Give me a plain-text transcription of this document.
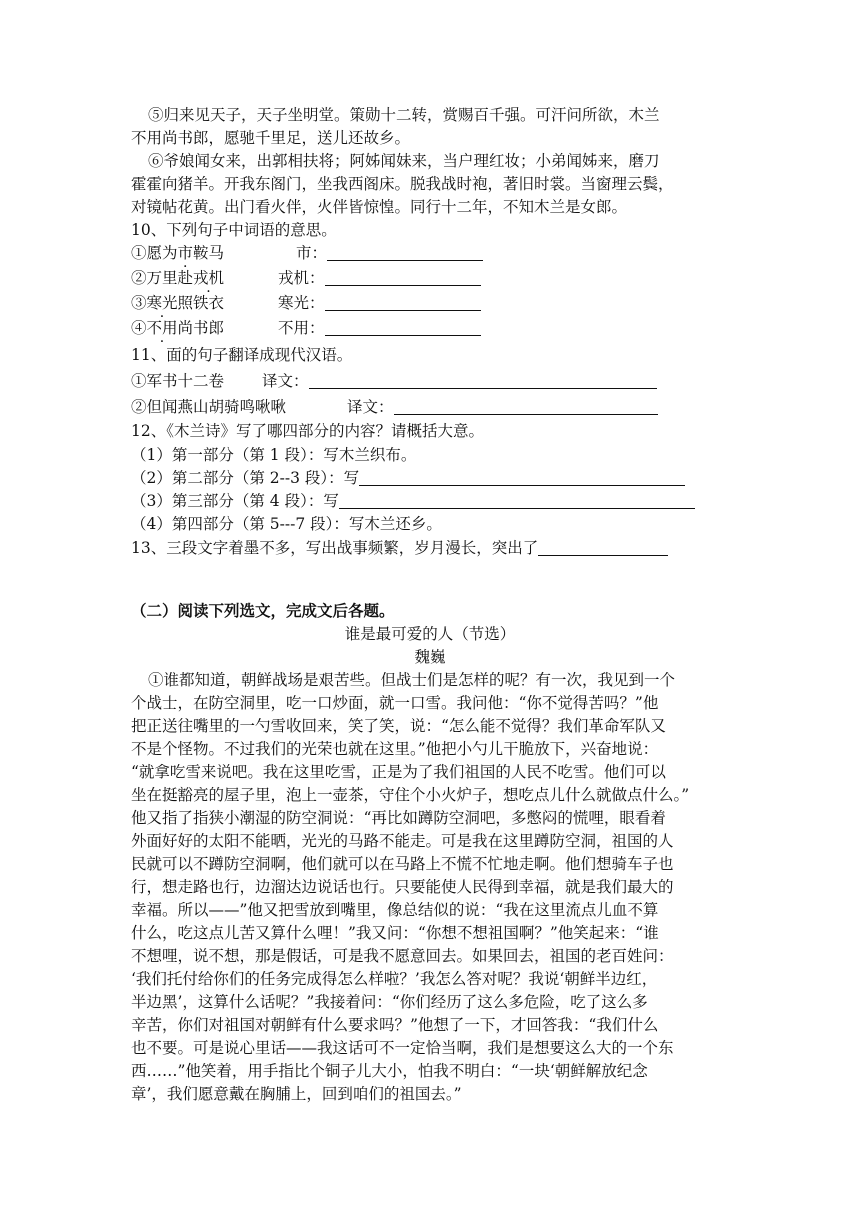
⑤归来见天子，天子坐明堂。策勋十二转，赏赐百千强。可汗问所欲，木兰
不用尚书郎，愿驰千里足，送儿还故乡。
⑥爷娘闻女来，出郭相扶将；阿姊闻妹来，当户理红妆；小弟闻姊来，磨刀
霍霍向猪羊。开我东阁门，坐我西阁床。脱我战时袍，著旧时裳。当窗理云鬓，
对镜帖花黄。出门看火伴，火伴皆惊惶。同行十二年，不知木兰是女郎。
10、下列句子中词语的意思。
①愿为市鞍马	市：
②万里赴戎机	戎机：
③寒光照铁衣	寒光：
④不用尚书郎	不用：
11、面的句子翻译成现代汉语。
①军书十二卷 译文：
②但闻燕山胡骑鸣啾啾	译文：
12、《木兰诗》写了哪四部分的内容？请概括大意。
（1）第一部分（第 1 段）：写木兰织布。
（2）第二部分（第 2--3 段）：写
（3）第三部分（第 4 段）：写
（4）第四部分（第 5---7 段）：写木兰还乡。
13、三段文字着墨不多，写出战事频繁，岁月漫长，突出了
（二）阅读下列选文，完成文后各题。
谁是最可爱的人（节选）
魏巍
①谁都知道，朝鲜战场是艰苦些。但战士们是怎样的呢？有一次，我见到一个
个战士，在防空洞里，吃一口炒面，就一口雪。我问他：“你不觉得苦吗？”他
把正送往嘴里的一勺雪收回来，笑了笑，说：“怎么能不觉得？我们革命军队又
不是个怪物。不过我们的光荣也就在这里。”他把小勺儿干脆放下，兴奋地说：
“就拿吃雪来说吧。我在这里吃雪，正是为了我们祖国的人民不吃雪。他们可以
坐在挺豁亮的屋子里，泡上一壶茶，守住个小火炉子，想吃点儿什么就做点什么。”
他又指了指狭小潮湿的防空洞说：“再比如蹲防空洞吧，多憋闷的慌哩，眼看着
外面好好的太阳不能晒，光光的马路不能走。可是我在这里蹲防空洞，祖国的人
民就可以不蹲防空洞啊，他们就可以在马路上不慌不忙地走啊。他们想骑车子也
行，想走路也行，边溜达边说话也行。只要能使人民得到幸福，就是我们最大的
幸福。所以——”他又把雪放到嘴里，像总结似的说：“我在这里流点儿血不算
什么，吃这点儿苦又算什么哩！”我又问：“你想不想祖国啊？”他笑起来：“谁
不想哩，说不想，那是假话，可是我不愿意回去。如果回去，祖国的老百姓问：
‘我们托付给你们的任务完成得怎么样啦？’我怎么答对呢？我说‘朝鲜半边红，
半边黑’，这算什么话呢？”我接着问：“你们经历了这么多危险，吃了这么多
辛苦，你们对祖国对朝鲜有什么要求吗？”他想了一下，才回答我：“我们什么
也不要。可是说心里话——我这话可不一定恰当啊，我们是想要这么大的一个东
西……”他笑着，用手指比个铜子儿大小，怕我不明白：“一块‘朝鲜解放纪念
章’，我们愿意戴在胸脯上，回到咱们的祖国去。”
